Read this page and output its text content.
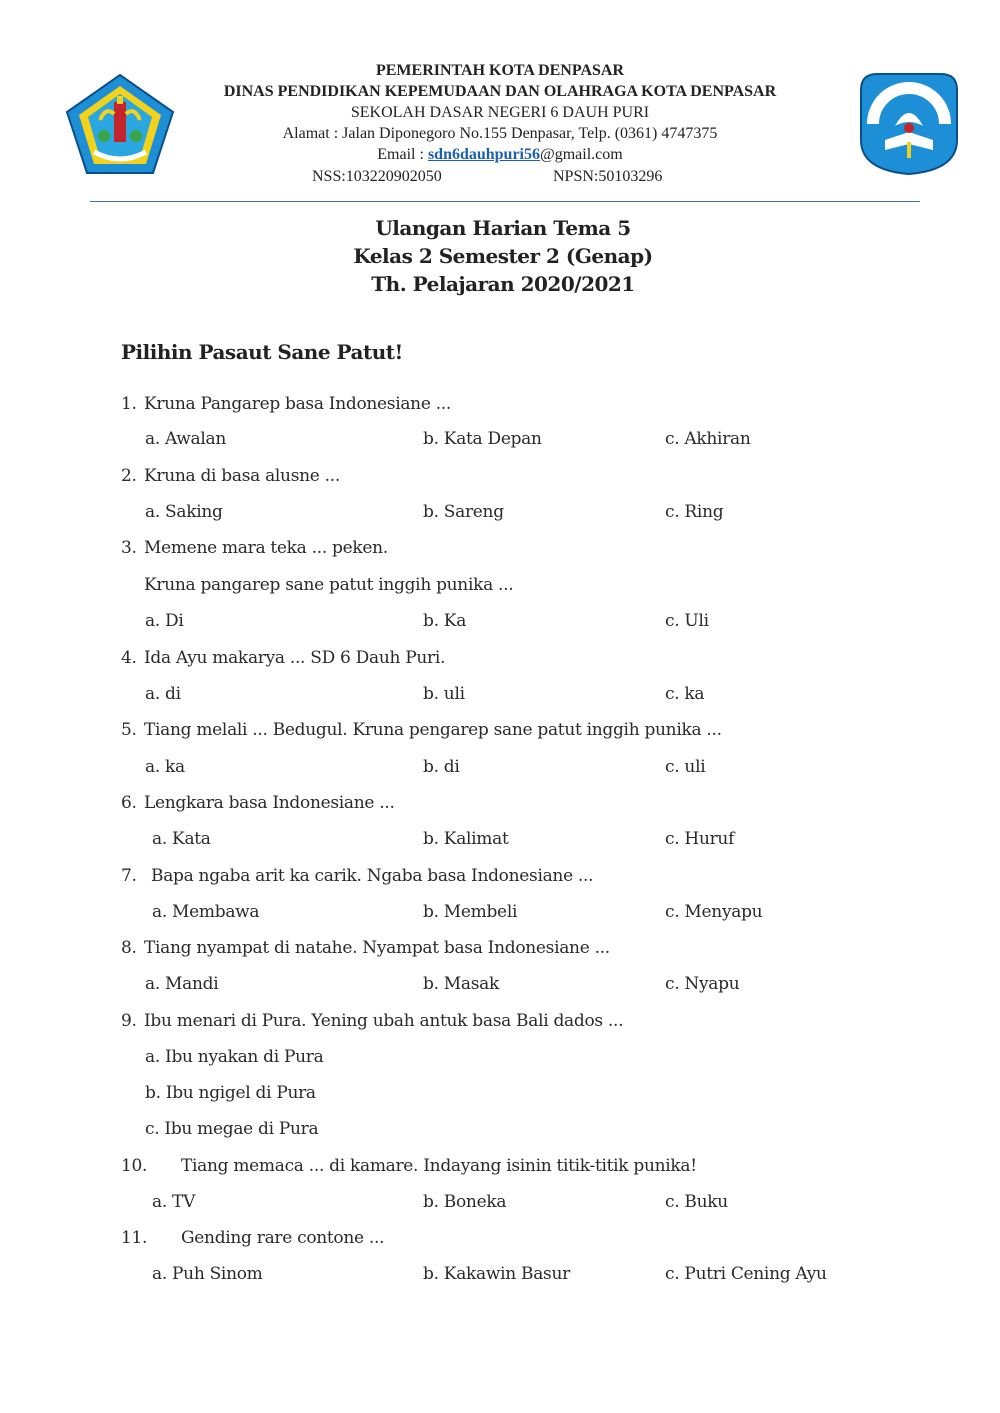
PEMERINTAH KOTA DENPASAR
DINAS PENDIDIKAN KEPEMUDAAN DAN OLAHRAGA KOTA DENPASAR
SEKOLAH DASAR NEGERI 6 DAUH PURI
Alamat : Jalan Diponegoro No.155 Denpasar, Telp. (0361) 4747375
Email : sdn6dauhpuri56@gmail.com
NSS:103220902050	NPSN:50103296
Ulangan Harian Tema 5
Kelas 2 Semester 2 (Genap)
Th. Pelajaran 2020/2021
Pilihin Pasaut Sane Patut!
1. Kruna Pangarep basa Indonesiane ...
a. Awalan	b. Kata Depan	c. Akhiran
2. Kruna di basa alusne ...
a. Saking	b. Sareng	c. Ring
3. Memene mara teka ... peken.
Kruna pangarep sane patut inggih punika ...
a. Di	b. Ka	c. Uli
4. Ida Ayu makarya ... SD 6 Dauh Puri.
a. di	b. uli	c. ka
5. Tiang melali ... Bedugul. Kruna pengarep sane patut inggih punika ...
a. ka	b. di	c. uli
6. Lengkara basa Indonesiane ...
a. Kata	b. Kalimat	c. Huruf
7. Bapa ngaba arit ka carik. Ngaba basa Indonesiane ...
a. Membawa	b. Membeli	c. Menyapu
8. Tiang nyampat di natahe. Nyampat basa Indonesiane ...
a. Mandi	b. Masak	c. Nyapu
9. Ibu menari di Pura. Yening ubah antuk basa Bali dados ...
a. Ibu nyakan di Pura
b. Ibu ngigel di Pura
c. Ibu megae di Pura
10. Tiang memaca ... di kamare. Indayang isinin titik-titik punika!
a. TV	b. Boneka	c. Buku
11. Gending rare contone ...
a. Puh Sinom	b. Kakawin Basur	c. Putri Cening Ayu
